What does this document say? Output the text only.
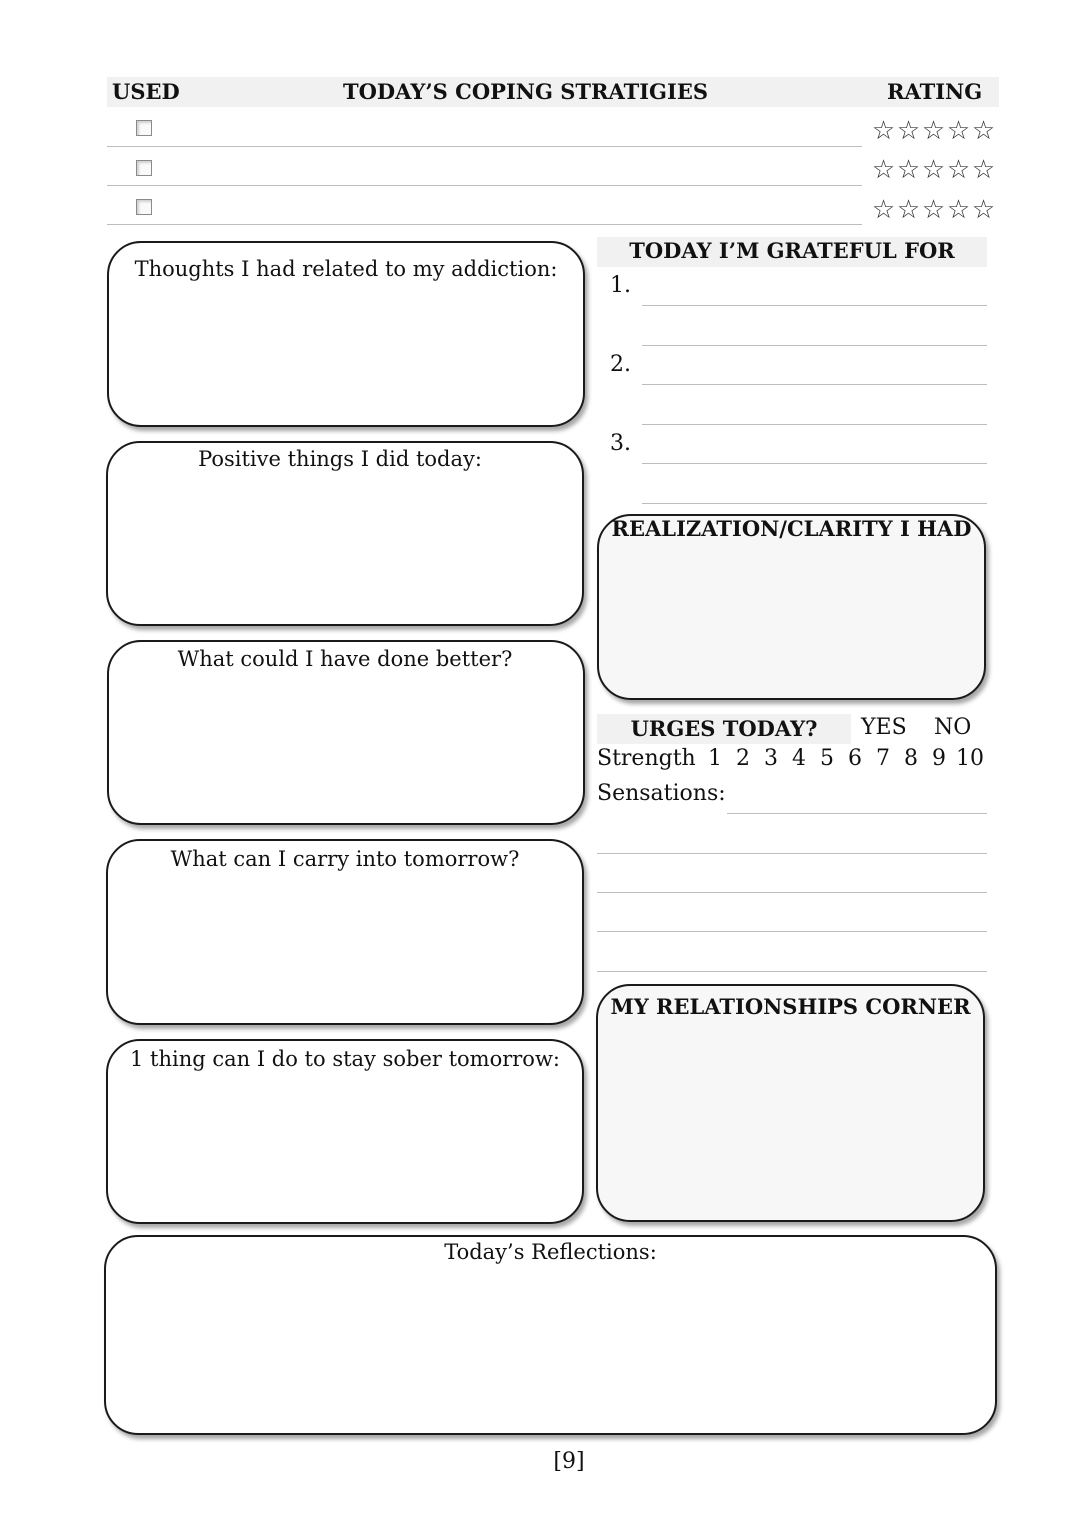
USED	TODAY’S COPING STRATIGIES	RATING
☆☆☆☆☆
☆☆☆☆☆
☆☆☆☆☆
Thoughts I had related to my addiction:
Positive things I did today:
What could I have done better?
What can I carry into tomorrow?
1 thing can I do to stay sober tomorrow:
TODAY I’M GRATEFUL FOR
1.
2.
3.
REALIZATION/CLARITY I HAD
URGES TODAY?	YES NO
Strength 1 2 3 4 5 6 7 8 9 10
Sensations:
MY RELATIONSHIPS CORNER
Today’s Reflections:
[9]
